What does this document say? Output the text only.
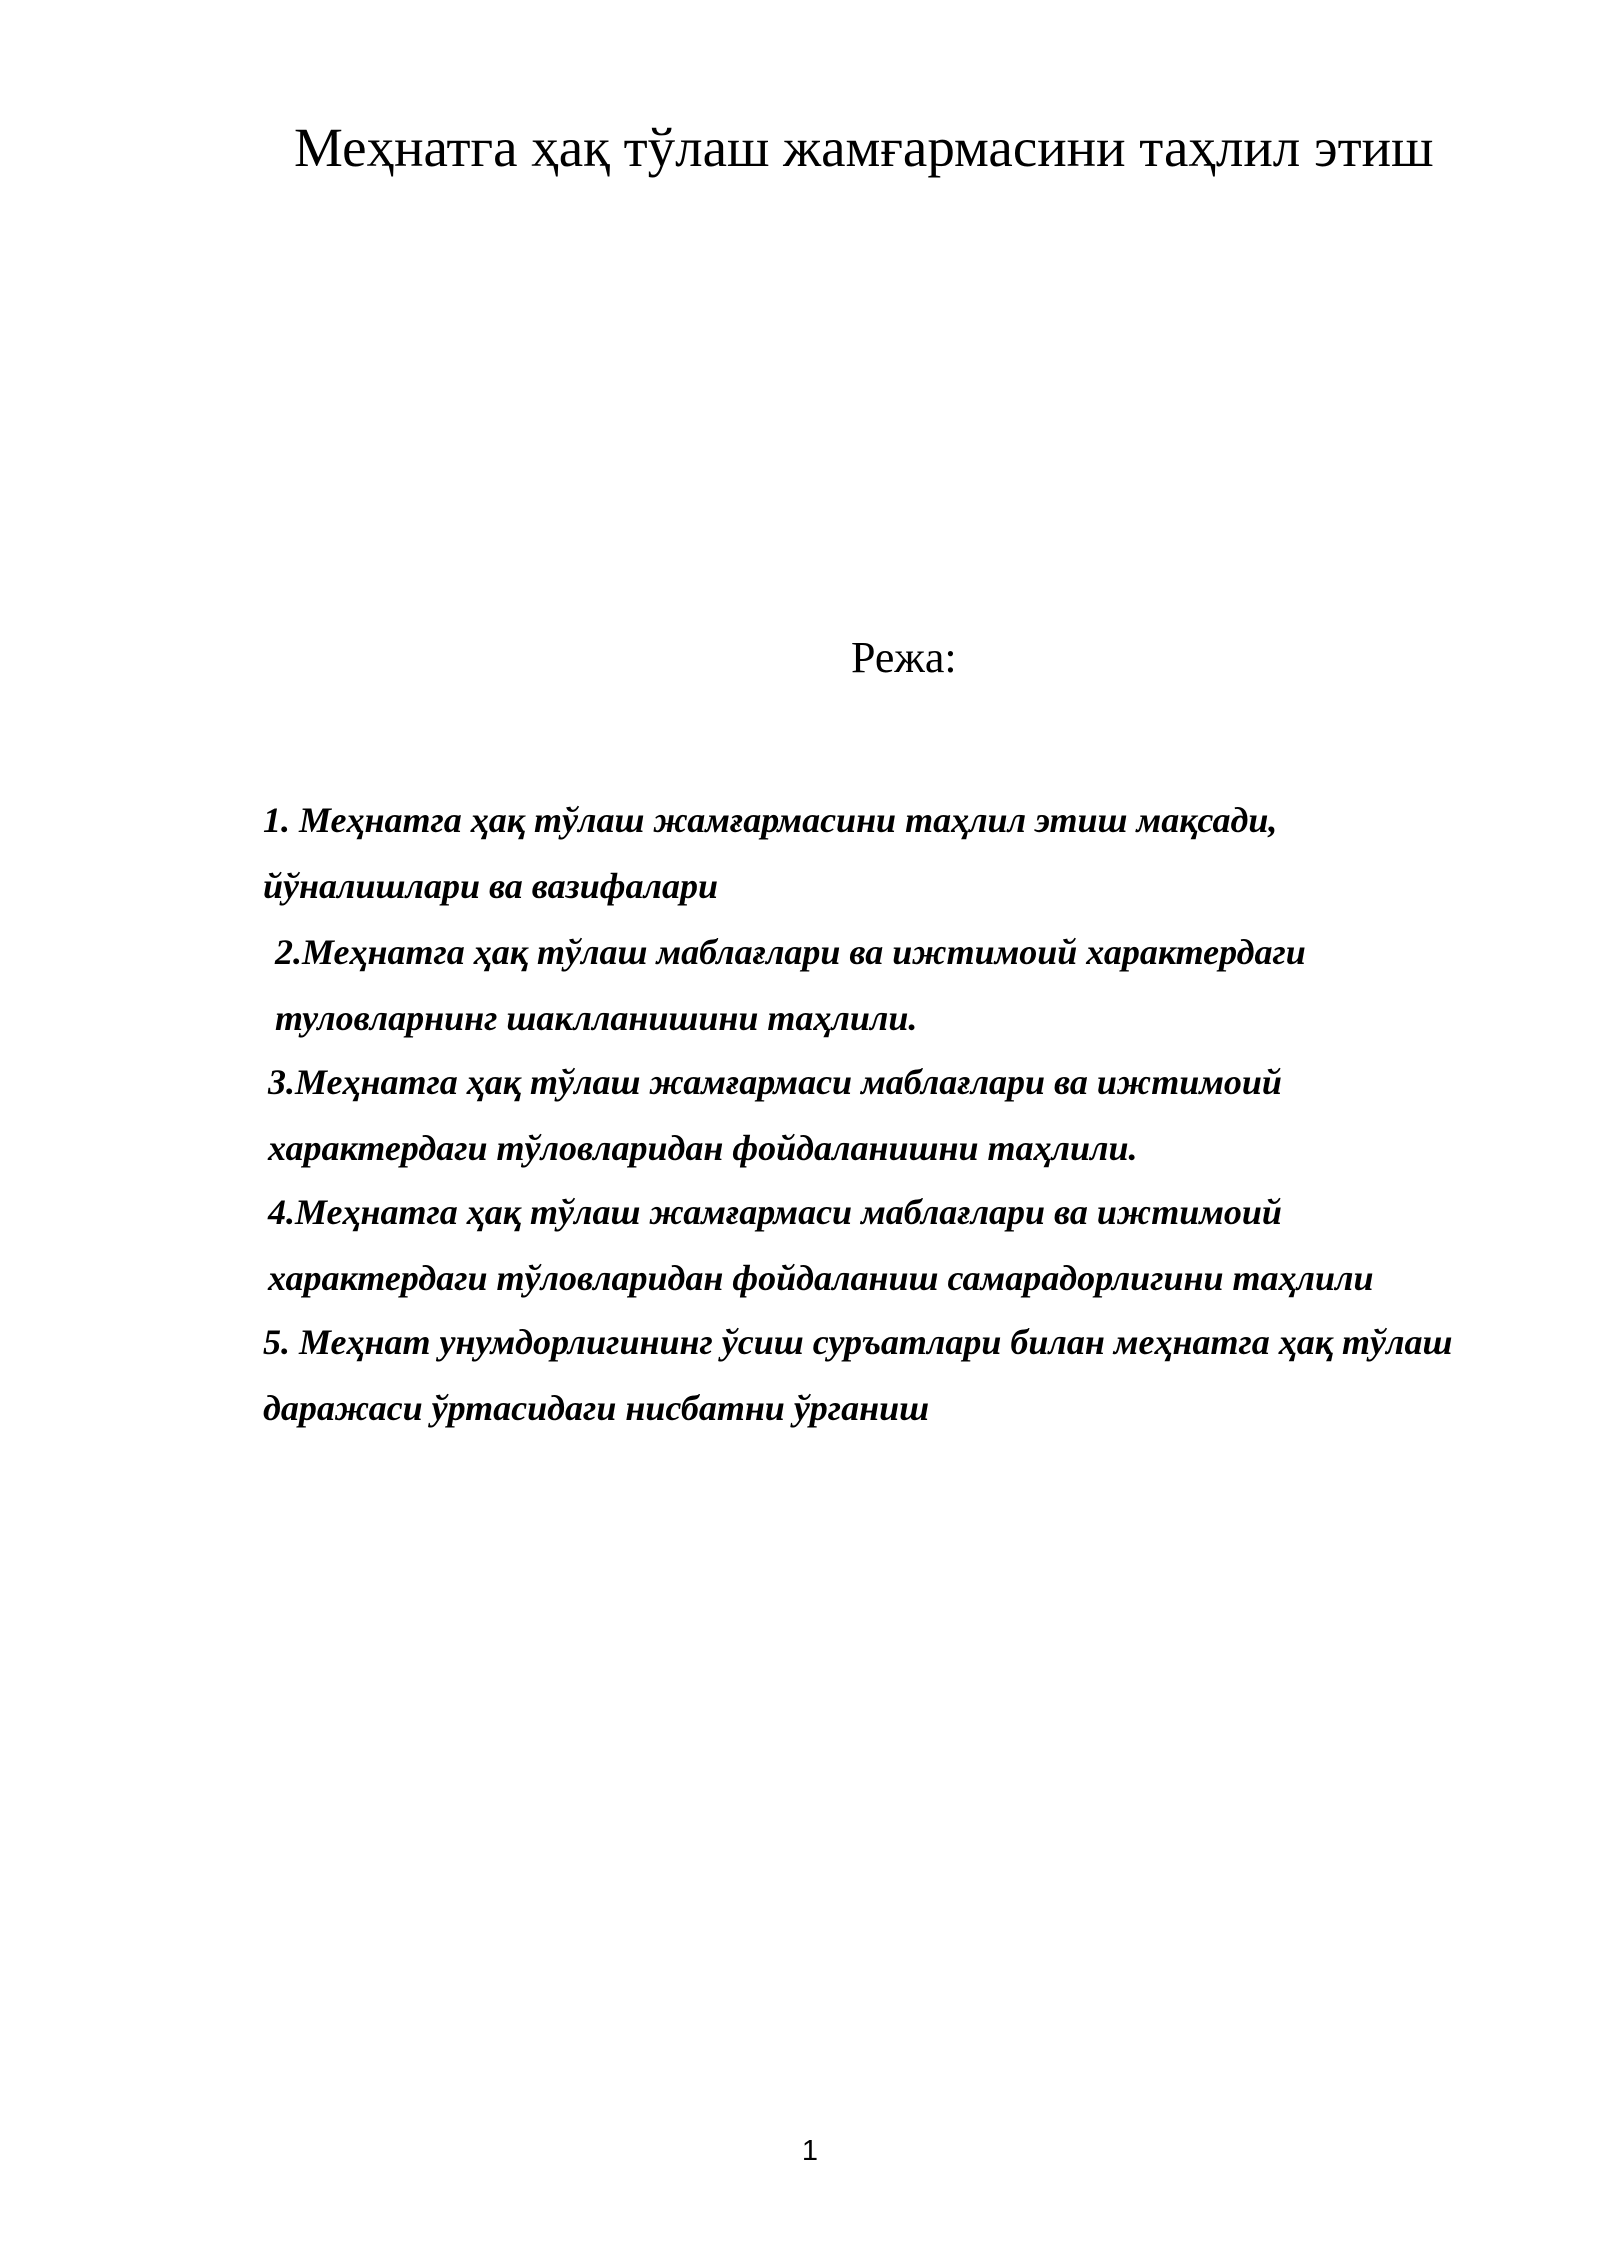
Меҳнатга ҳақ тўлаш жамғармасини таҳлил этиш
Режа:
1. Меҳнатга ҳақ тўлаш жамғармасини таҳлил этиш мақсади,
йўналишлари ва вазифалари
2.Меҳнатга ҳақ тўлаш маблағлари ва ижтимоий характердаги
туловларнинг шаклланишини таҳлили.
3.Меҳнатга ҳақ тўлаш жамғармаси маблағлари ва ижтимоий
характердаги тўловларидан фойдаланишни таҳлили.
4.Меҳнатга ҳақ тўлаш жамғармаси маблағлари ва ижтимоий
характердаги тўловларидан фойдаланиш самарадорлигини таҳлили
5. Меҳнат унумдорлигининг ўсиш суръатлари билан меҳнатга ҳақ тўлаш
даражаси ўртасидаги нисбатни ўрганиш
1
